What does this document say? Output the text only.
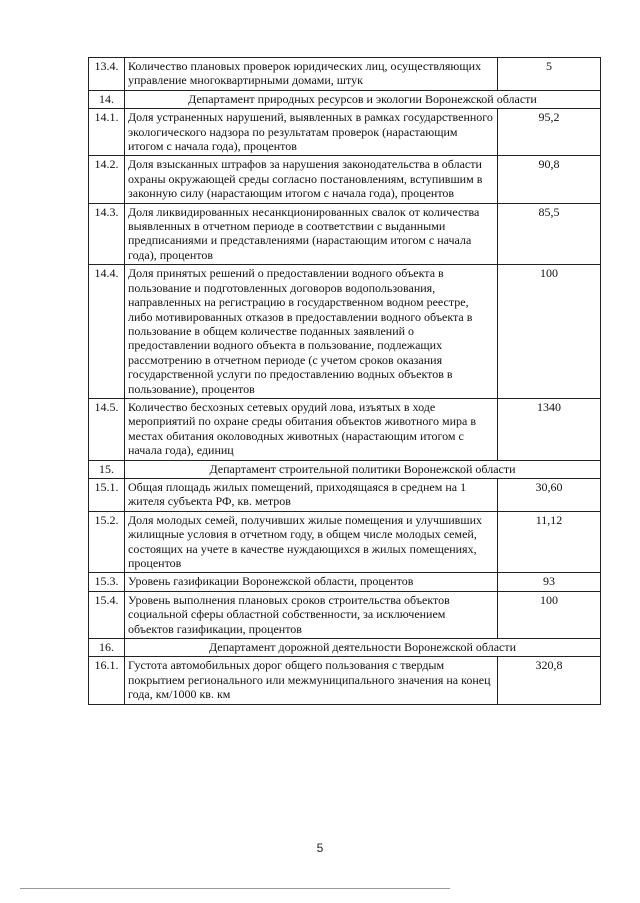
13.4.	Количество плановых проверок юридических лиц, осуществляющих управление многоквартирными домами, штук	5
14.	Департамент природных ресурсов и экологии Воронежской области	
14.1.	Доля устраненных нарушений, выявленных в рамках государственного экологического надзора по результатам проверок (нарастающим итогом с начала года), процентов	95,2
14.2.	Доля взысканных штрафов за нарушения законодательства в области охраны окружающей среды согласно постановлениям, вступившим в законную силу (нарастающим итогом с начала года), процентов	90,8
14.3.	Доля ликвидированных несанкционированных свалок от количества выявленных в отчетном периоде в соответствии с выданными предписаниями и представлениями (нарастающим итогом с начала года), процентов	85,5
14.4.	Доля принятых решений о предоставлении водного объекта в пользование и подготовленных договоров водопользования, направленных на регистрацию в государственном водном реестре, либо мотивированных отказов в предоставлении водного объекта в пользование в общем количестве поданных заявлений о предоставлении водного объекта в пользование, подлежащих рассмотрению в отчетном периоде (с учетом сроков оказания государственной услуги по предоставлению водных объектов в пользование), процентов	100
14.5.	Количество бесхозных сетевых орудий лова, изъятых в ходе мероприятий по охране среды обитания объектов животного мира в местах обитания околоводных животных (нарастающим итогом с начала года), единиц	1340
15.	Департамент строительной политики Воронежской области	
15.1.	Общая площадь жилых помещений, приходящаяся в среднем на 1 жителя субъекта РФ, кв. метров	30,60
15.2.	Доля молодых семей, получивших жилые помещения и улучшивших жилищные условия в отчетном году, в общем числе молодых семей, состоящих на учете в качестве нуждающихся в жилых помещениях, процентов	11,12
15.3.	Уровень газификации Воронежской области, процентов	93
15.4.	Уровень выполнения плановых сроков строительства объектов социальной сферы областной собственности, за исключением объектов газификации, процентов	100
16.	Департамент дорожной деятельности Воронежской области	
16.1.	Густота автомобильных дорог общего пользования с твердым покрытием регионального или межмуниципального значения на конец года, км/1000 кв. км	320,8
5
